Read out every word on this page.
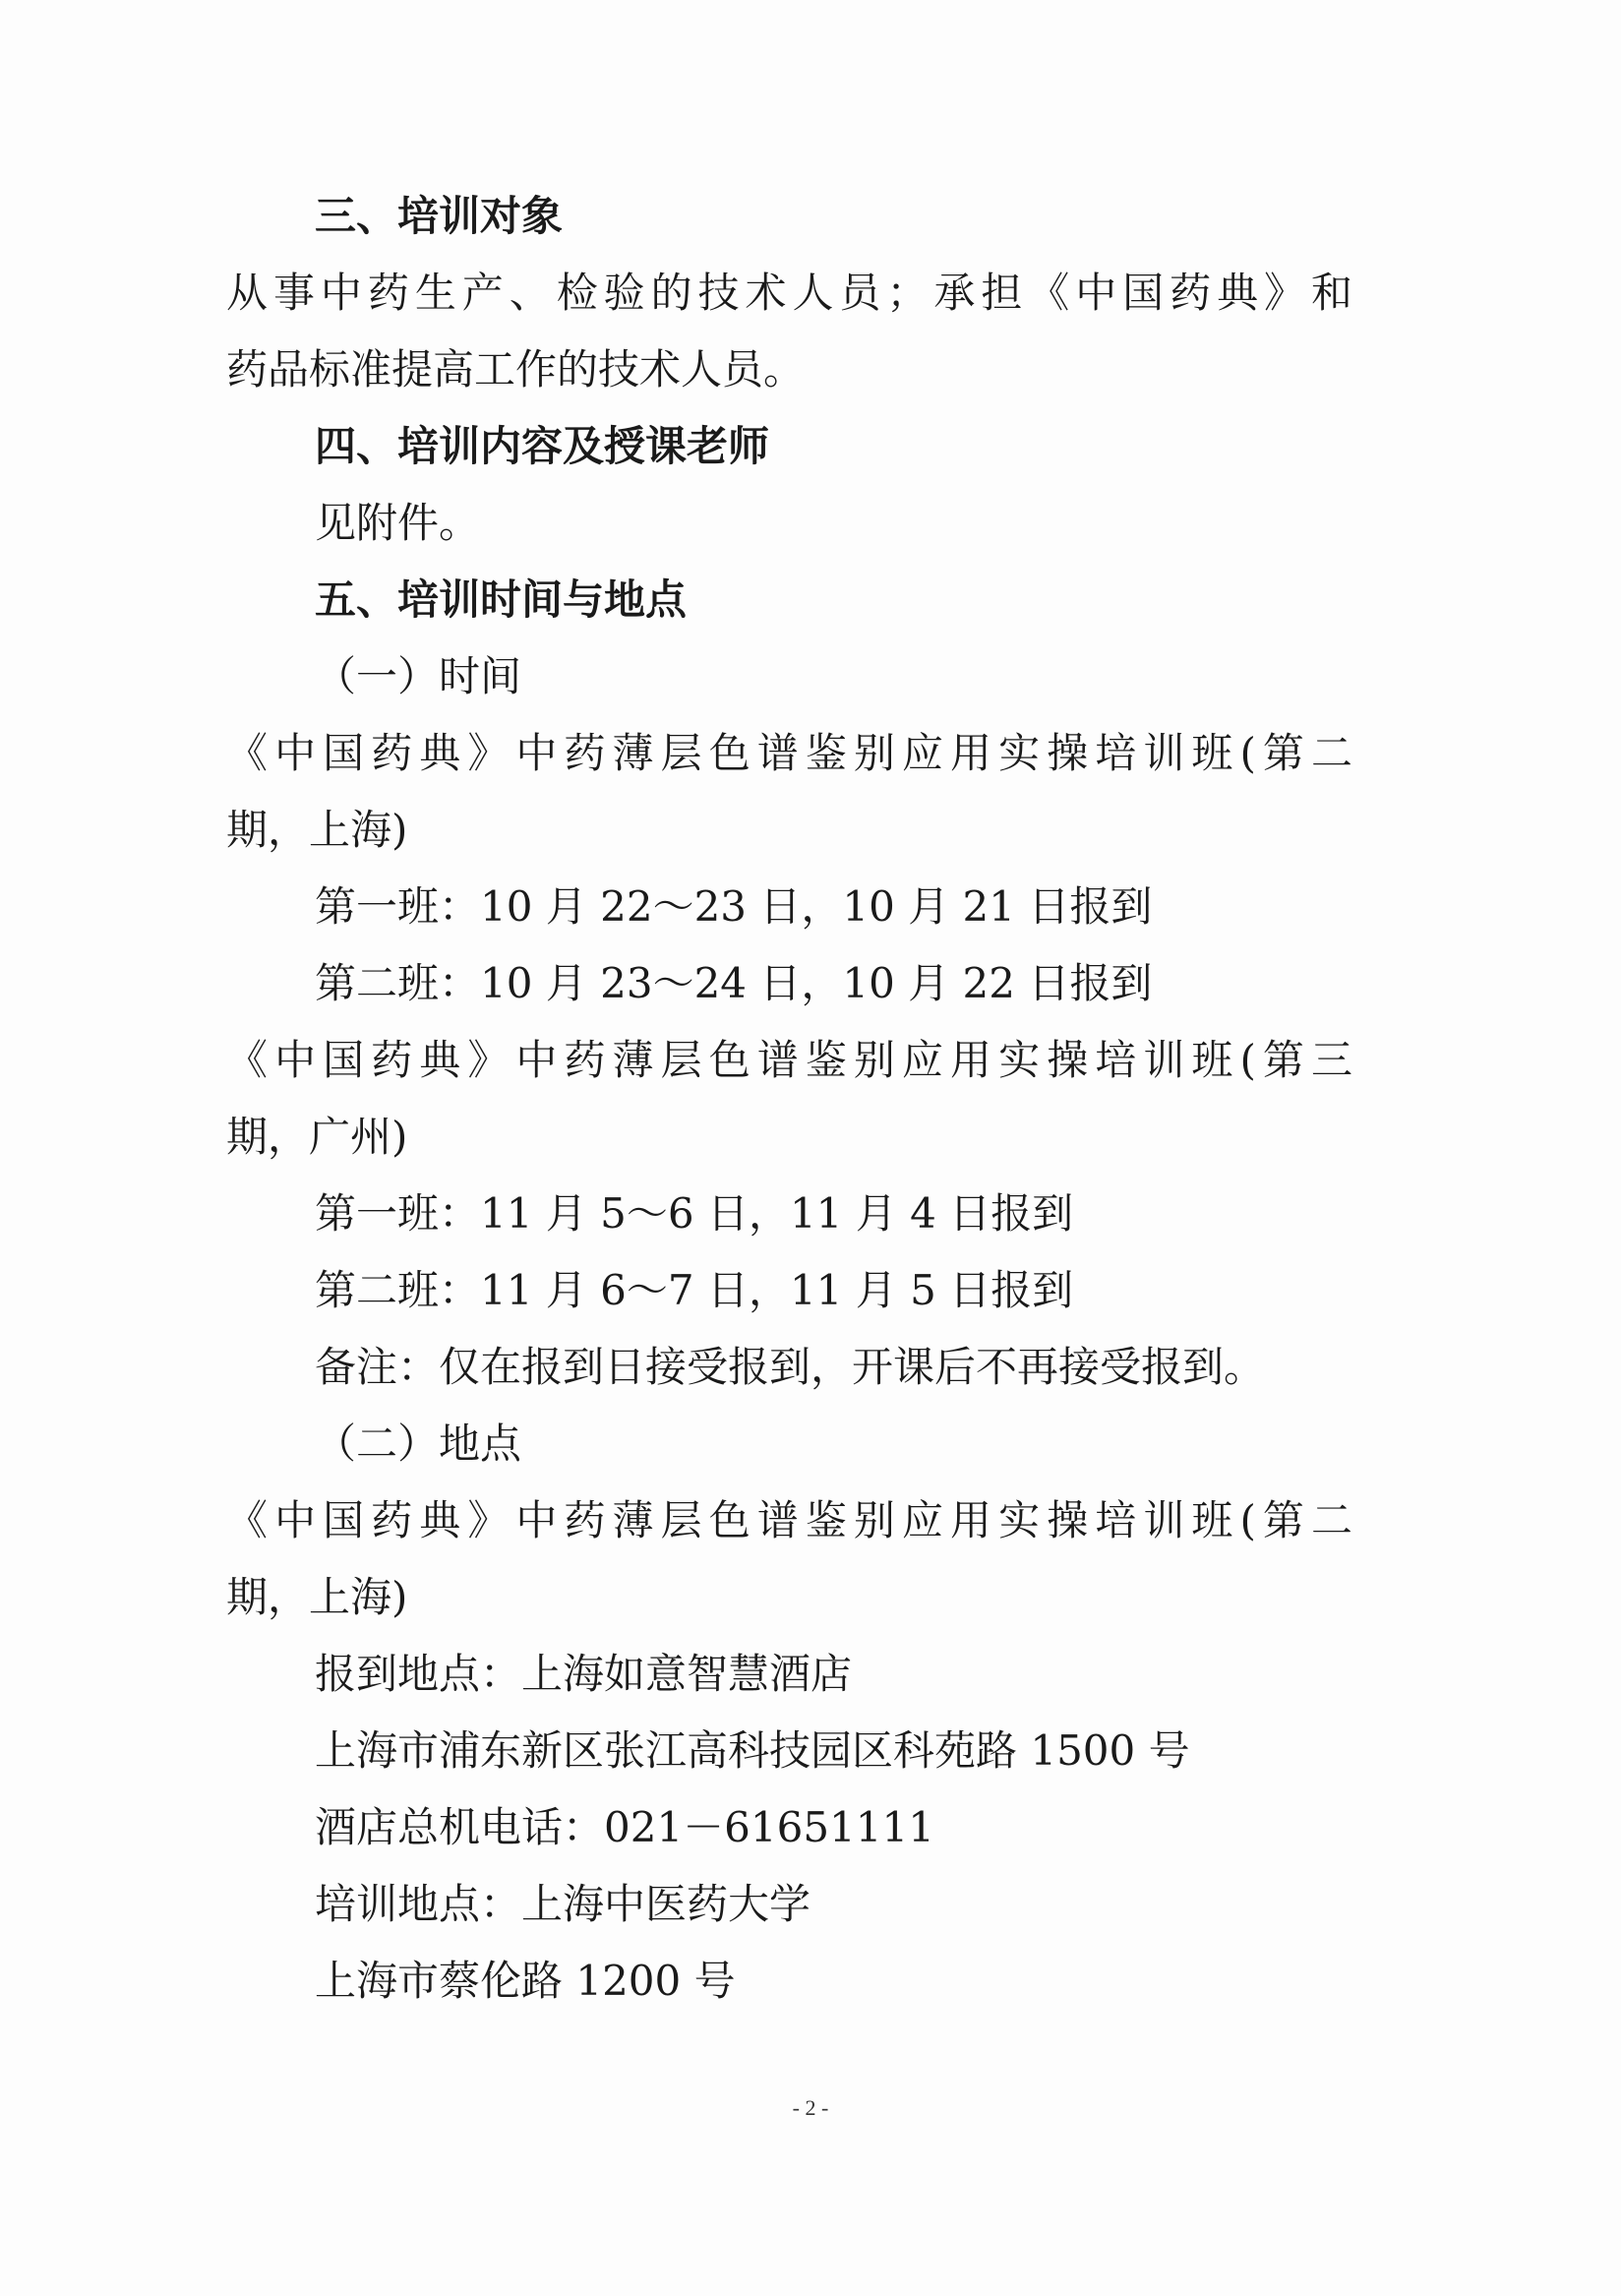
三、培训对象
从事中药生产、检验的技术人员；承担《中国药典》和
药品标准提高工作的技术人员。
四、培训内容及授课老师
见附件。
五、培训时间与地点
（一）时间
《中国药典》中药薄层色谱鉴别应用实操培训班(第二
期，上海)
第一班：10 月 22～23 日，10 月 21 日报到
第二班：10 月 23～24 日，10 月 22 日报到
《中国药典》中药薄层色谱鉴别应用实操培训班(第三
期，广州)
第一班：11 月 5～6 日，11 月 4 日报到
第二班：11 月 6～7 日，11 月 5 日报到
备注：仅在报到日接受报到，开课后不再接受报到。
（二）地点
《中国药典》中药薄层色谱鉴别应用实操培训班(第二
期，上海)
报到地点：上海如意智慧酒店
上海市浦东新区张江高科技园区科苑路 1500 号
酒店总机电话：021－61651111
培训地点：上海中医药大学
上海市蔡伦路 1200 号
- 2 -
